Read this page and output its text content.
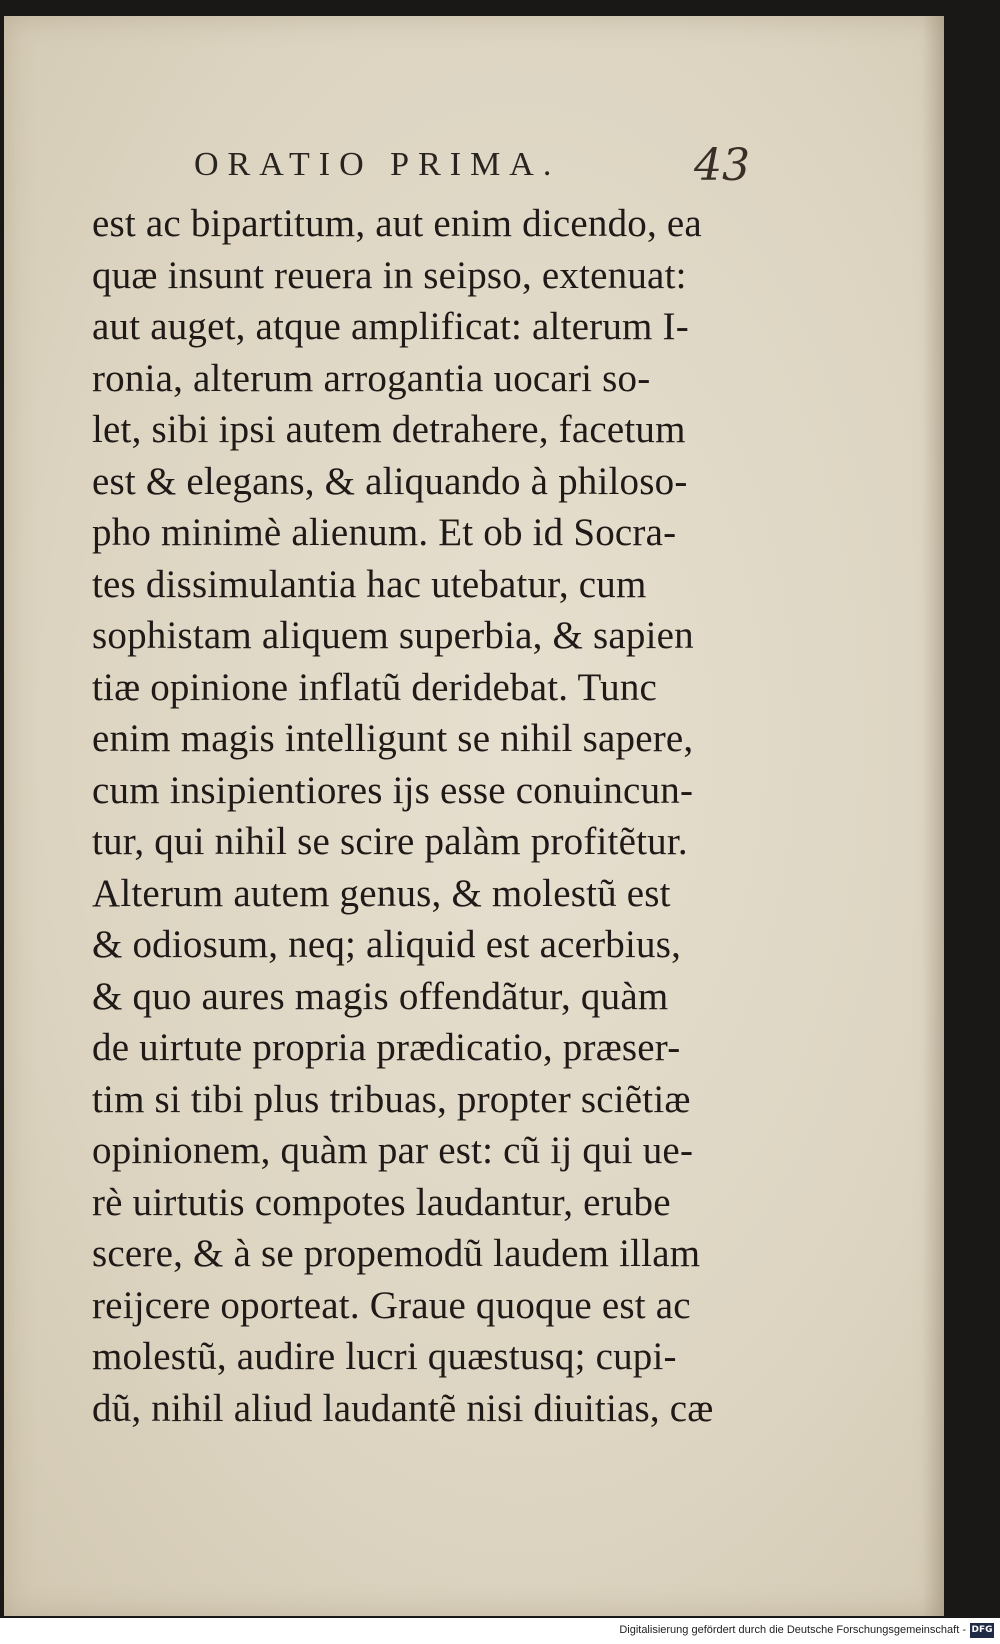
ORATIO PRIMA.	43
est ac bipartitum, aut enim dicendo, ea
quæ insunt reuera in seipso, extenuat:
aut auget, atque amplificat: alterum I-
ronia, alterum arrogantia uocari so-
let, sibi ipsi autem detrahere, facetum
est & elegans, & aliquando à philoso-
pho minimè alienum. Et ob id Socra-
tes dissimulantia hac utebatur, cum
sophistam aliquem superbia, & sapien
tiæ opinione inflatũ deridebat. Tunc
enim magis intelligunt se nihil sapere,
cum insipientiores ijs esse conuincun-
tur, qui nihil se scire palàm profitẽtur.
Alterum autem genus, & molestũ est
& odiosum, neq; aliquid est acerbius,
& quo aures magis offendãtur, quàm
de uirtute propria prædicatio, præser-
tim si tibi plus tribuas, propter sciẽtiæ
opinionem, quàm par est: cũ ij qui ue-
rè uirtutis compotes laudantur, erube
scere, & à se propemodũ laudem illam
reijcere oporteat. Graue quoque est ac
molestũ, audire lucri quæstusq; cupi-
dũ, nihil aliud laudantẽ nisi diuitias, cæ
Digitalisierung gefördert durch die Deutsche Forschungsgemeinschaft - DFG
